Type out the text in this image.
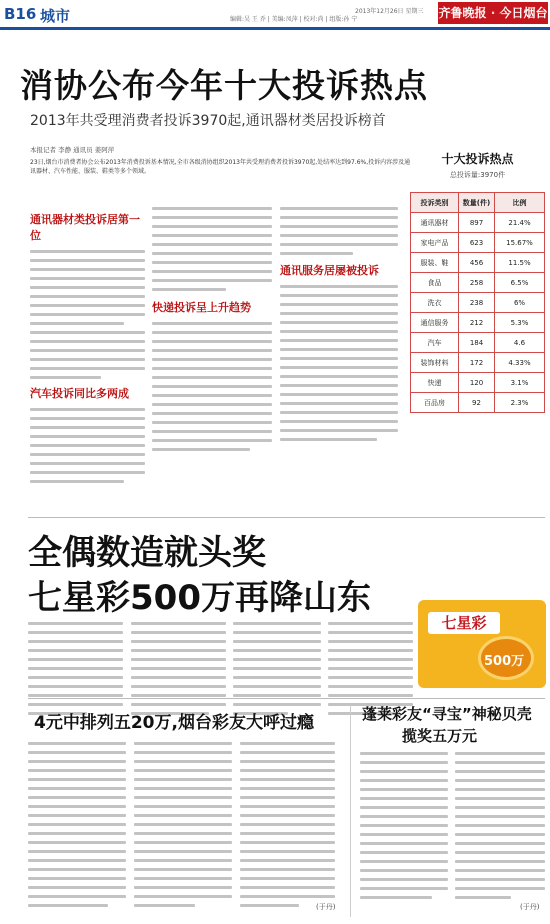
B16 城市	编辑:吴 王 乔 | 美编:凤萍 | 校对:尚 | 组版:孙 宁
2013年12月26日 星期三 齐鲁晚报 · 今日烟台
消协公布今年十大投诉热点
2013年共受理消费者投诉3970起,通讯器材类居投诉榜首
本报记者 李静 通讯员 姜阿萍
23日,烟台市消费者协会公布2013年消费投诉基本情况,全市各级消协组织2013年共受理消费者投诉3970起,处结率达到97.6%,投诉内容涉及通讯器材、汽车性能、服装、鞋类等多个领域。
通讯器材类投诉居第一位

汽车投诉同比多两成

快递投诉呈上升趋势

通讯服务居屡被投诉

十大投诉热点
总投诉量:3970件
投诉类别	数量(件)	比例
通讯器材	897	21.4%
家电产品	623	15.67%
服装、鞋	456	11.5%
食品	258	6.5%
洗衣	238	6%
通信服务	212	5.3%
汽车	184	4.6
装饰材料	172	4.33%
快递	120	3.1%
百品房	92	2.3%
全偶数造就头奖
七星彩500万再降山东
七星彩
500万

4元中排列五20万,烟台彩友大呼过瘾

(于丹)
蓬莱彩友“寻宝”神秘贝壳
揽奖五万元

(于丹)
